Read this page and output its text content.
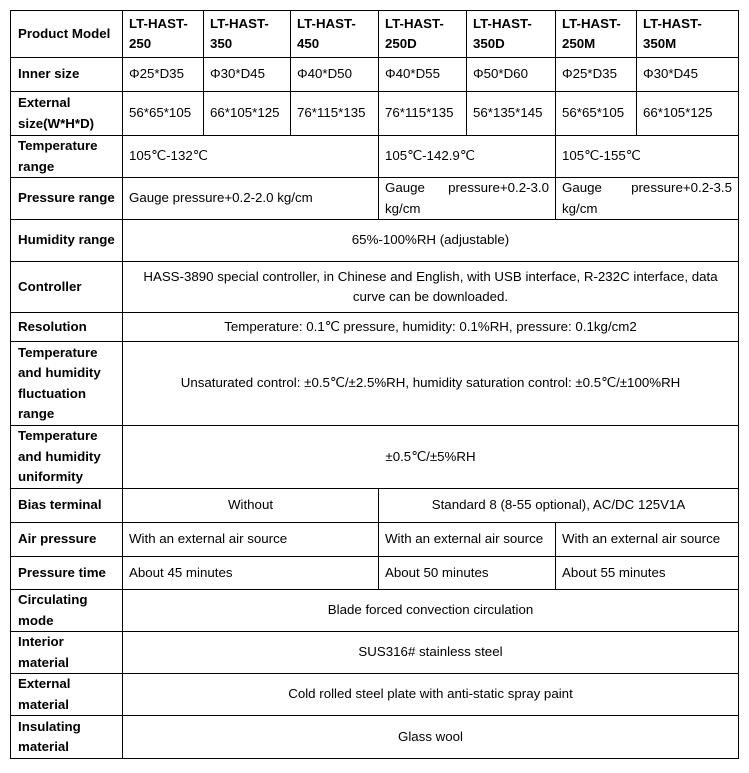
Product Model	LT-HAST-250	LT-HAST-350	LT-HAST-450	LT-HAST-250D	LT-HAST-350D	LT-HAST-250M	LT-HAST-350M
Inner size	Φ25*D35	Φ30*D45	Φ40*D50	Φ40*D55	Φ50*D60	Φ25*D35	Φ30*D45
External size(W*H*D)	56*65*105	66*105*125	76*115*135	76*115*135	56*135*145	56*65*105	66*105*125
Temperature range	105℃-132℃			105℃-142.9℃		105℃-155℃	
Pressure range	Gauge pressure+0.2-2.0 kg/cm			Gauge pressure+0.2-3.0 kg/cm		Gauge pressure+0.2-3.5 kg/cm	
Humidity range	65%-100%RH (adjustable)						
Controller	HASS-3890 special controller, in Chinese and English, with USB interface, R-232C interface, data curve can be downloaded.						
Resolution	Temperature: 0.1℃ pressure, humidity: 0.1%RH, pressure: 0.1kg/cm2						
Temperature and humidity fluctuation range	Unsaturated control: ±0.5℃/±2.5%RH, humidity saturation control: ±0.5℃/±100%RH						
Temperature and humidity uniformity	±0.5℃/±5%RH						
Bias terminal	Without			Standard 8 (8-55 optional), AC/DC 125V1A			
Air pressure	With an external air source			With an external air source		With an external air source	
Pressure time	About 45 minutes			About 50 minutes		About 55 minutes	
Circulating mode	Blade forced convection circulation						
Interior material	SUS316# stainless steel						
External material	Cold rolled steel plate with anti-static spray paint						
Insulating material	Glass wool						
